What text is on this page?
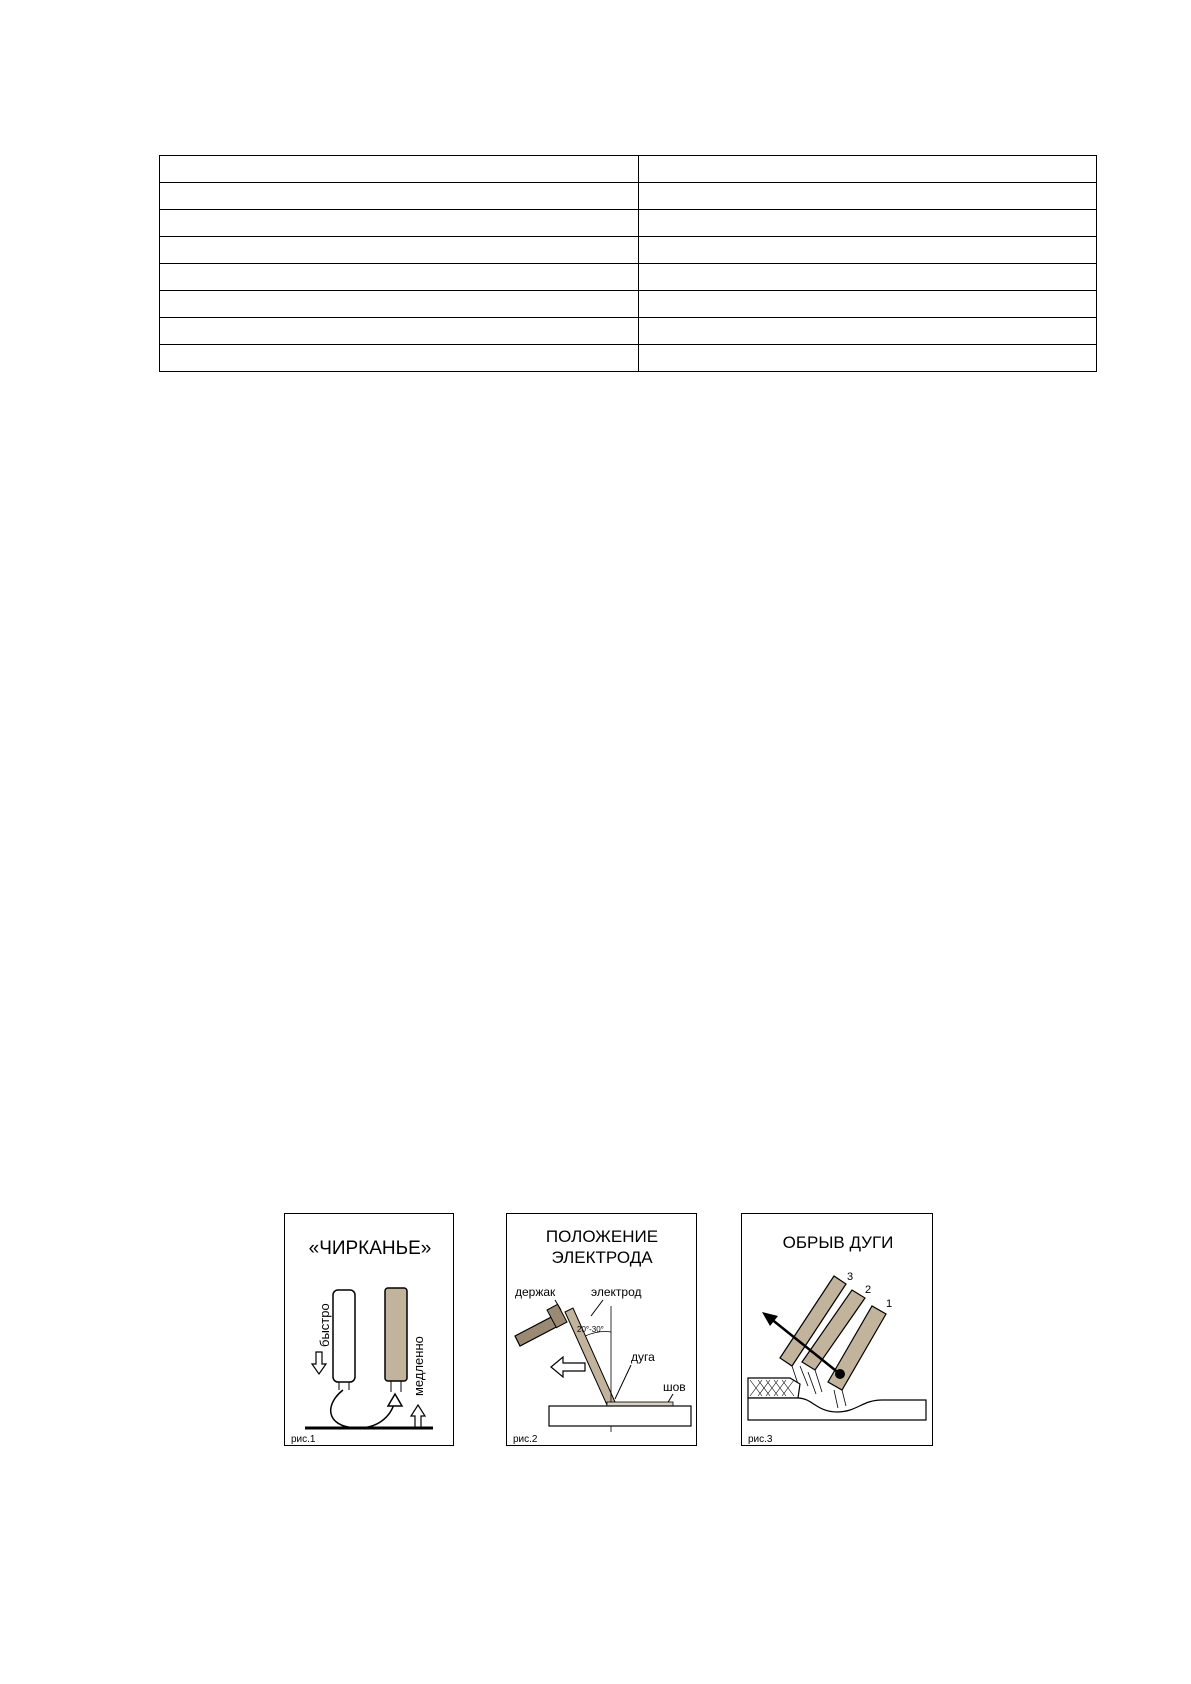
«ЧИРКАНЬЕ»
быстро
медленно
рис.1
ПОЛОЖЕНИЕ
ЭЛЕКТРОДА
держак	электрод
20°-30°
дуга
шов
рис.2
ОБРЫВ ДУГИ
3
2
1
рис.3
